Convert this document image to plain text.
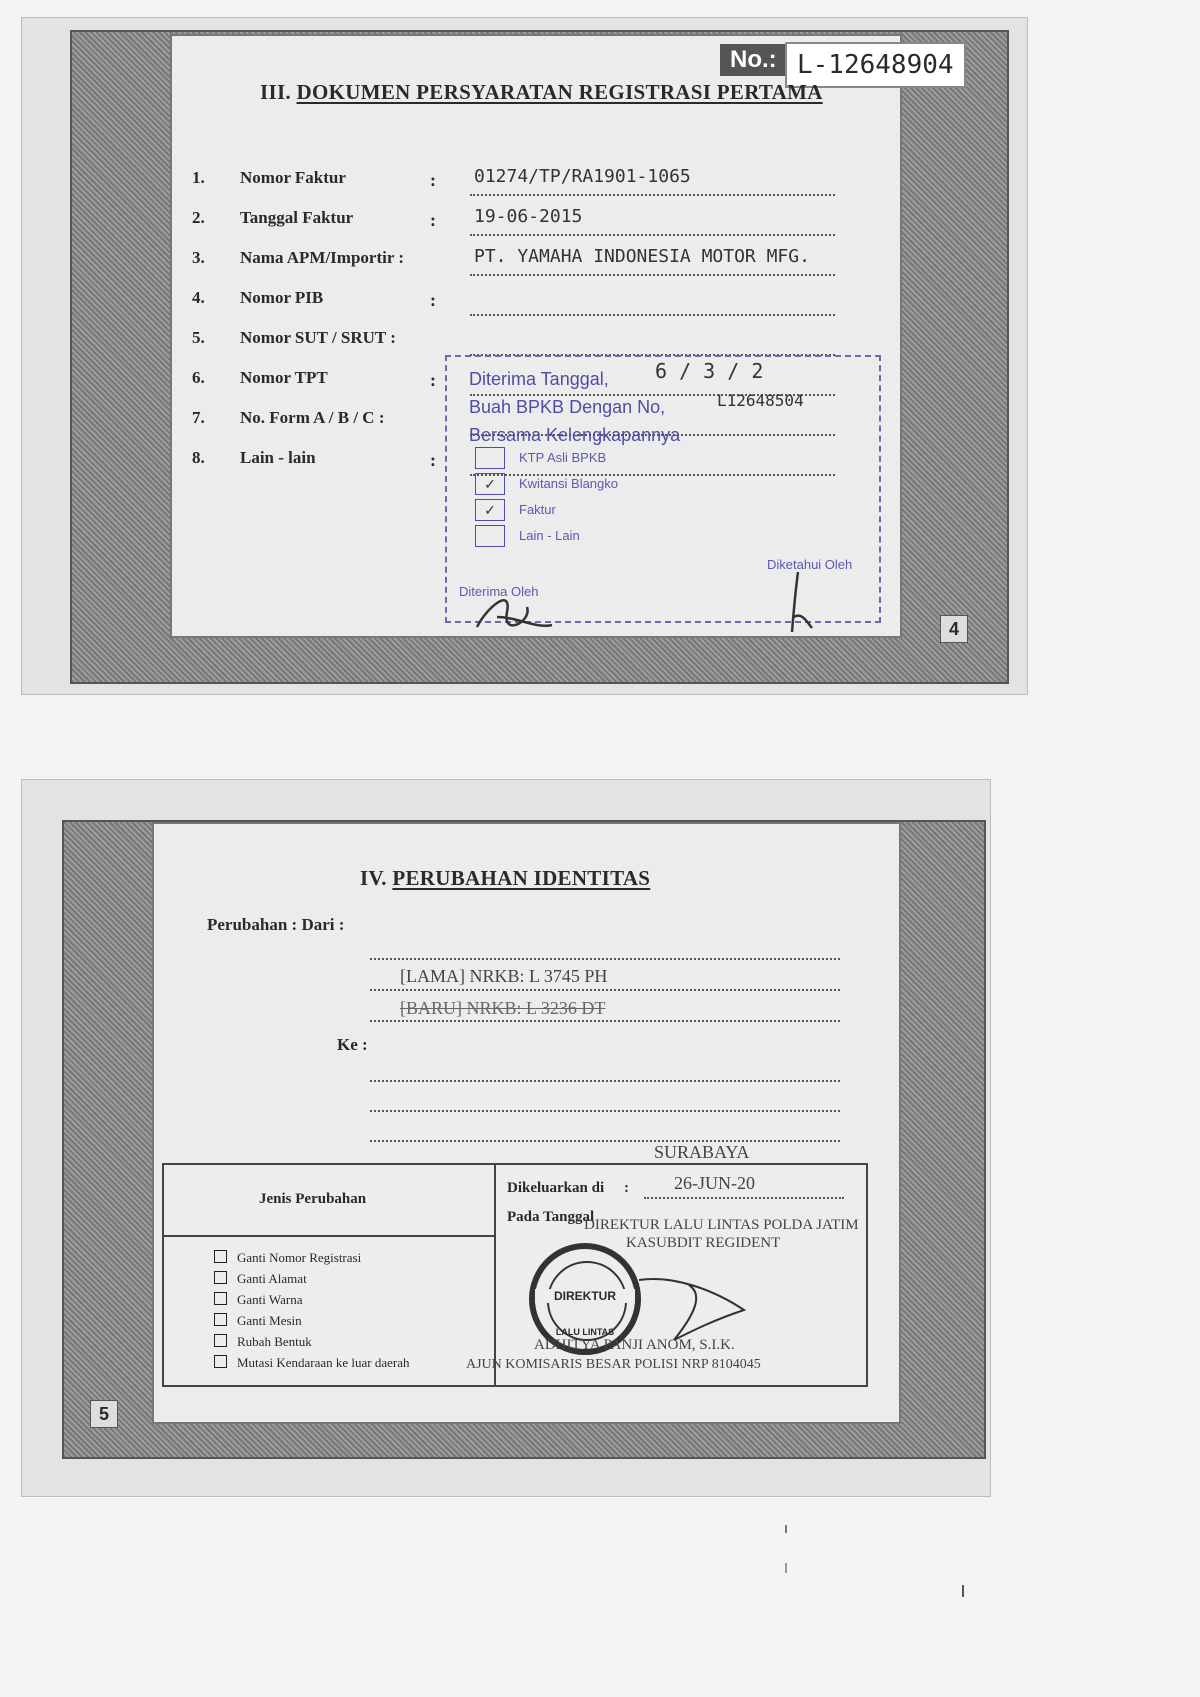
No.: L-12648904
III. DOKUMEN PERSYARATAN REGISTRASI PERTAMA
1. Nomor Faktur	: 01274/TP/RA1901-1065
2. Tanggal Faktur	: 19-06-2015
3. Nama APM/Importir :	PT. YAMAHA INDONESIA MOTOR MFG.
4. Nomor PIB	:
5. Nomor SUT / SRUT :
6. Nomor TPT	:
7. No. Form A / B / C :
8. Lain - lain	:
Diterima Tanggal, 6 / 3 / 2
Buah BPKB Dengan No,	L12648504
Bersama Kelengkapannya
KTP Asli BPKB
✓	Kwitansi Blangko
✓	Faktur
Lain - Lain
Diterima Oleh
Diketahui Oleh
4
IV. PERUBAHAN IDENTITAS
Perubahan : Dari :
[LAMA] NRKB: L 3745 PH
[BARU] NRKB: L 3236 DT
Ke :
SURABAYA
Jenis Perubahan
Dikeluarkan di :	26-JUN-20
Pada Tanggal
DIREKTUR LALU LINTAS POLDA JATIM
KASUBDIT REGIDENT
DIREKTUR
LALU LINTAS
ADHITYA PANJI ANOM, S.I.K.
AJUN KOMISARIS BESAR POLISI NRP 8104045
Ganti Nomor Registrasi
Ganti Alamat
Ganti Warna
Ganti Mesin
Rubah Bentuk
Mutasi Kendaraan ke luar daerah
5
